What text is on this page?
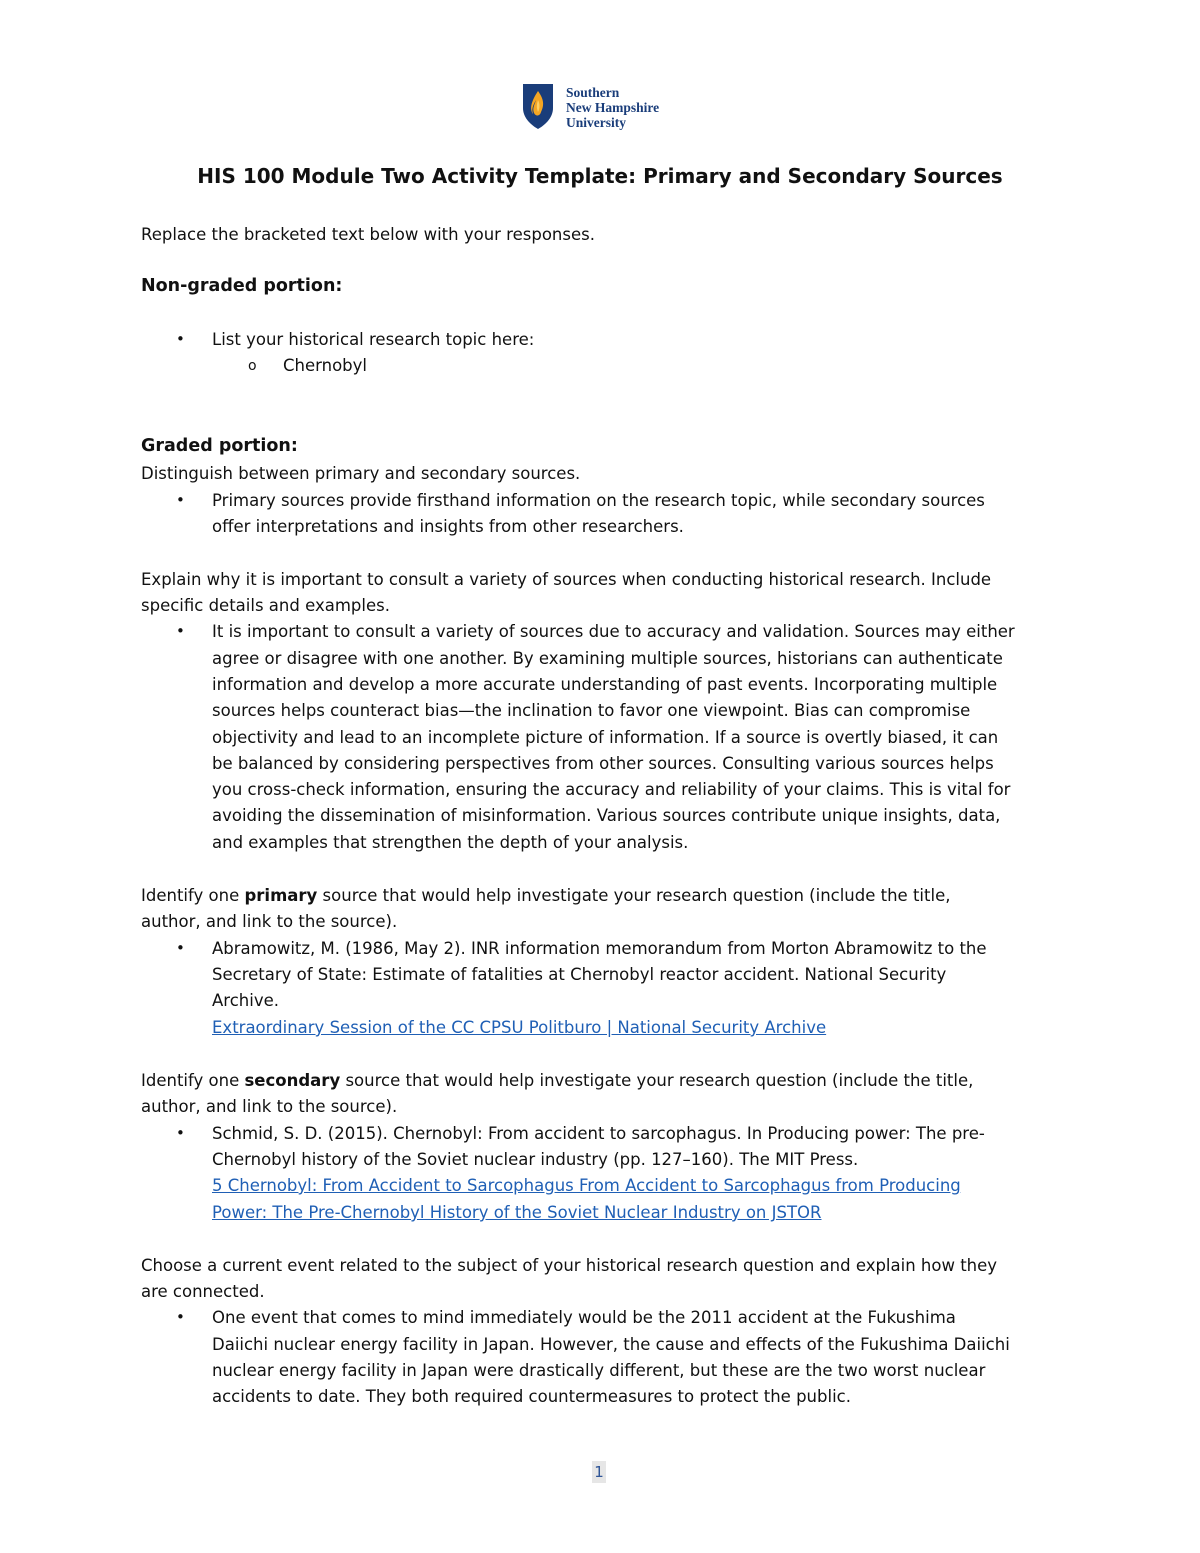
Southern
New Hampshire
University
HIS 100 Module Two Activity Template: Primary and Secondary Sources
Replace the bracketed text below with your responses.
Non-graded portion:
• List your historical research topic here:
o Chernobyl
Graded portion:
Distinguish between primary and secondary sources.
• Primary sources provide firsthand information on the research topic, while secondary sources
offer interpretations and insights from other researchers.
Explain why it is important to consult a variety of sources when conducting historical research. Include
specific details and examples.
• It is important to consult a variety of sources due to accuracy and validation. Sources may either
agree or disagree with one another. By examining multiple sources, historians can authenticate
information and develop a more accurate understanding of past events. Incorporating multiple
sources helps counteract bias—the inclination to favor one viewpoint. Bias can compromise
objectivity and lead to an incomplete picture of information. If a source is overtly biased, it can
be balanced by considering perspectives from other sources. Consulting various sources helps
you cross-check information, ensuring the accuracy and reliability of your claims. This is vital for
avoiding the dissemination of misinformation. Various sources contribute unique insights, data,
and examples that strengthen the depth of your analysis.
Identify one primary source that would help investigate your research question (include the title,
author, and link to the source).
• Abramowitz, M. (1986, May 2). INR information memorandum from Morton Abramowitz to the
Secretary of State: Estimate of fatalities at Chernobyl reactor accident. National Security
Archive.
Extraordinary Session of the CC CPSU Politburo | National Security Archive
Identify one secondary source that would help investigate your research question (include the title,
author, and link to the source).
• Schmid, S. D. (2015). Chernobyl: From accident to sarcophagus. In Producing power: The pre-
Chernobyl history of the Soviet nuclear industry (pp. 127–160). The MIT Press.
5 Chernobyl: From Accident to Sarcophagus From Accident to Sarcophagus from Producing
Power: The Pre-Chernobyl History of the Soviet Nuclear Industry on JSTOR
Choose a current event related to the subject of your historical research question and explain how they
are connected.
• One event that comes to mind immediately would be the 2011 accident at the Fukushima
Daiichi nuclear energy facility in Japan. However, the cause and effects of the Fukushima Daiichi
nuclear energy facility in Japan were drastically different, but these are the two worst nuclear
accidents to date. They both required countermeasures to protect the public.
1
